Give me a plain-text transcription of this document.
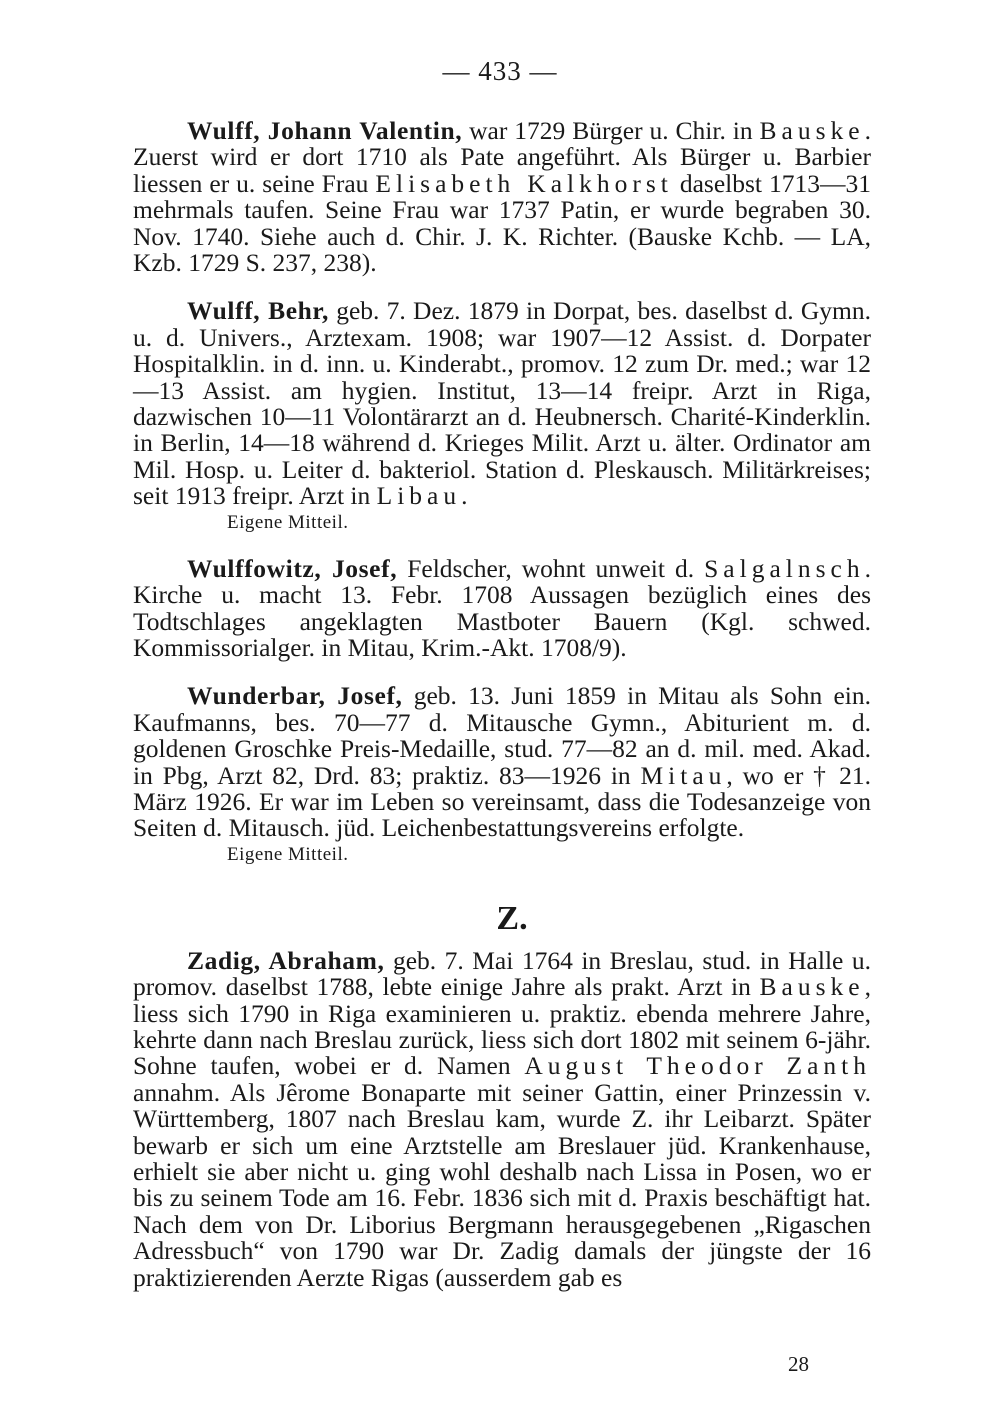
— 433 —

Wulff, Johann Valentin, war 1729 Bürger u. Chir. in Bauske. Zuerst wird er dort 1710 als Pate angeführt. Als Bürger u. Barbier liessen er u. seine Frau Elisabeth Kalkhorst daselbst 1713—31 mehrmals taufen. Seine Frau war 1737 Patin, er wurde begraben 30. Nov. 1740. Siehe auch d. Chir. J. K. Richter. (Bauske Kchb. — LA, Kzb. 1729 S. 237, 238).

Wulff, Behr, geb. 7. Dez. 1879 in Dorpat, bes. daselbst d. Gymn. u. d. Univers., Arztexam. 1908; war 1907—12 Assist. d. Dorpater Hospitalklin. in d. inn. u. Kinderabt., promov. 12 zum Dr. med.; war 12—13 Assist. am hygien. Institut, 13—14 freipr. Arzt in Riga, dazwischen 10—11 Volontärarzt an d. Heubnersch. Charité-Kinderklin. in Berlin, 14—18 während d. Krieges Milit. Arzt u. älter. Ordinator am Mil. Hosp. u. Leiter d. bakteriol. Station d. Pleskausch. Militärkreises; seit 1913 freipr. Arzt in Libau.

Eigene Mitteil.

Wulffowitz, Josef, Feldscher, wohnt unweit d. Salgalnsch. Kirche u. macht 13. Febr. 1708 Aussagen bezüglich eines des Todtschlages angeklagten Mastboter Bauern (Kgl. schwed. Kommissorialger. in Mitau, Krim.-Akt. 1708/9).

Wunderbar, Josef, geb. 13. Juni 1859 in Mitau als Sohn ein. Kaufmanns, bes. 70—77 d. Mitausche Gymn., Abiturient m. d. goldenen Groschke Preis-Medaille, stud. 77—82 an d. mil. med. Akad. in Pbg, Arzt 82, Drd. 83; praktiz. 83—1926 in Mitau, wo er † 21. März 1926. Er war im Leben so vereinsamt, dass die Todesanzeige von Seiten d. Mitausch. jüd. Leichenbestattungsvereins erfolgte.

Eigene Mitteil.
Z.

Zadig, Abraham, geb. 7. Mai 1764 in Breslau, stud. in Halle u. promov. daselbst 1788, lebte einige Jahre als prakt. Arzt in Bauske, liess sich 1790 in Riga examinieren u. praktiz. ebenda mehrere Jahre, kehrte dann nach Breslau zurück, liess sich dort 1802 mit seinem 6-jähr. Sohne taufen, wobei er d. Namen August Theodor Zanth annahm. Als Jêrome Bonaparte mit seiner Gattin, einer Prinzessin v. Württemberg, 1807 nach Breslau kam, wurde Z. ihr Leibarzt. Später bewarb er sich um eine Arztstelle am Breslauer jüd. Krankenhause, erhielt sie aber nicht u. ging wohl deshalb nach Lissa in Posen, wo er bis zu seinem Tode am 16. Febr. 1836 sich mit d. Praxis beschäftigt hat. Nach dem von Dr. Liborius Bergmann herausgegebenen „Rigaschen Adressbuch“ von 1790 war Dr. Zadig damals der jüngste der 16 praktizierenden Aerzte Rigas (ausserdem gab es

28
